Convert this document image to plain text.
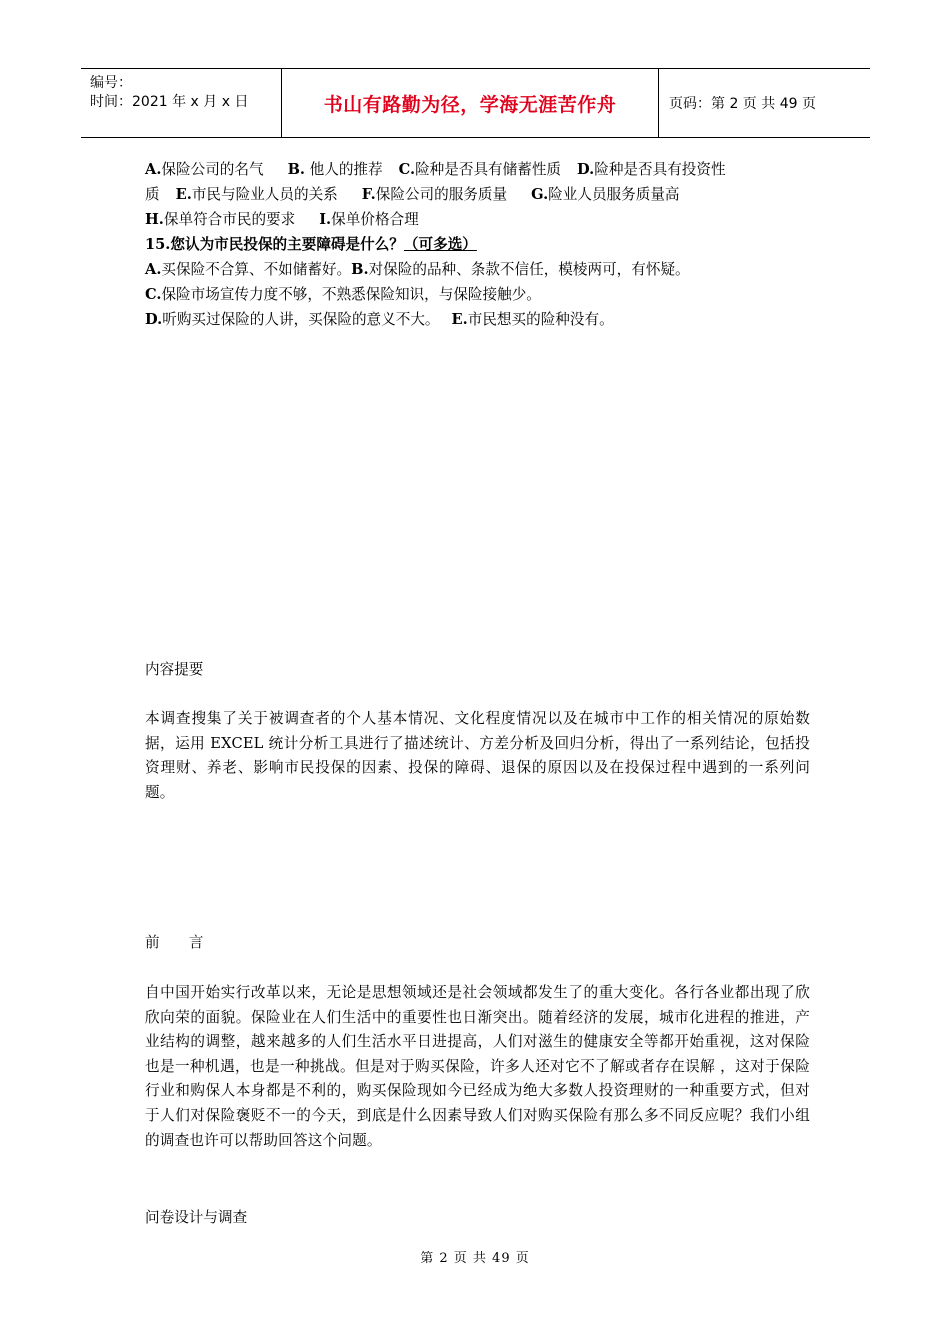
编号：
时间：2021 年 x 月 x 日	书山有路勤为径，学海无涯苦作舟	页码：第 2 页 共 49 页
A.保险公司的名气 B. 他人的推荐 C.险种是否具有储蓄性质 D.险种是否具有投资性
质 E.市民与险业人员的关系 F.保险公司的服务质量 G.险业人员服务质量高
H.保单符合市民的要求 I.保单价格合理
15.您认为市民投保的主要障碍是什么？（可多选）
A.买保险不合算、不如储蓄好。B.对保险的品种、条款不信任，模棱两可，有怀疑。
C.保险市场宣传力度不够，不熟悉保险知识，与保险接触少。
D.听购买过保险的人讲，买保险的意义不大。 E.市民想买的险种没有。
内容提要
本调查搜集了关于被调查者的个人基本情况、文化程度情况以及在城市中工作的相关情况的原始数据，运用 EXCEL 统计分析工具进行了描述统计、方差分析及回归分析，得出了一系列结论，包括投资理财、养老、影响市民投保的因素、投保的障碍、退保的原因以及在投保过程中遇到的一系列问题。
前　　言
自中国开始实行改革以来，无论是思想领域还是社会领域都发生了的重大变化。各行各业都出现了欣欣向荣的面貌。保险业在人们生活中的重要性也日渐突出。随着经济的发展，城市化进程的推进，产业结构的调整，越来越多的人们生活水平日进提高，人们对滋生的健康安全等都开始重视，这对保险也是一种机遇，也是一种挑战。但是对于购买保险，许多人还对它不了解或者存在误解 ，这对于保险行业和购保人本身都是不利的，购买保险现如今已经成为绝大多数人投资理财的一种重要方式，但对于人们对保险褒贬不一的今天，到底是什么因素导致人们对购买保险有那么多不同反应呢？我们小组的调查也许可以帮助回答这个问题。
问卷设计与调查
第 2 页 共 49 页
